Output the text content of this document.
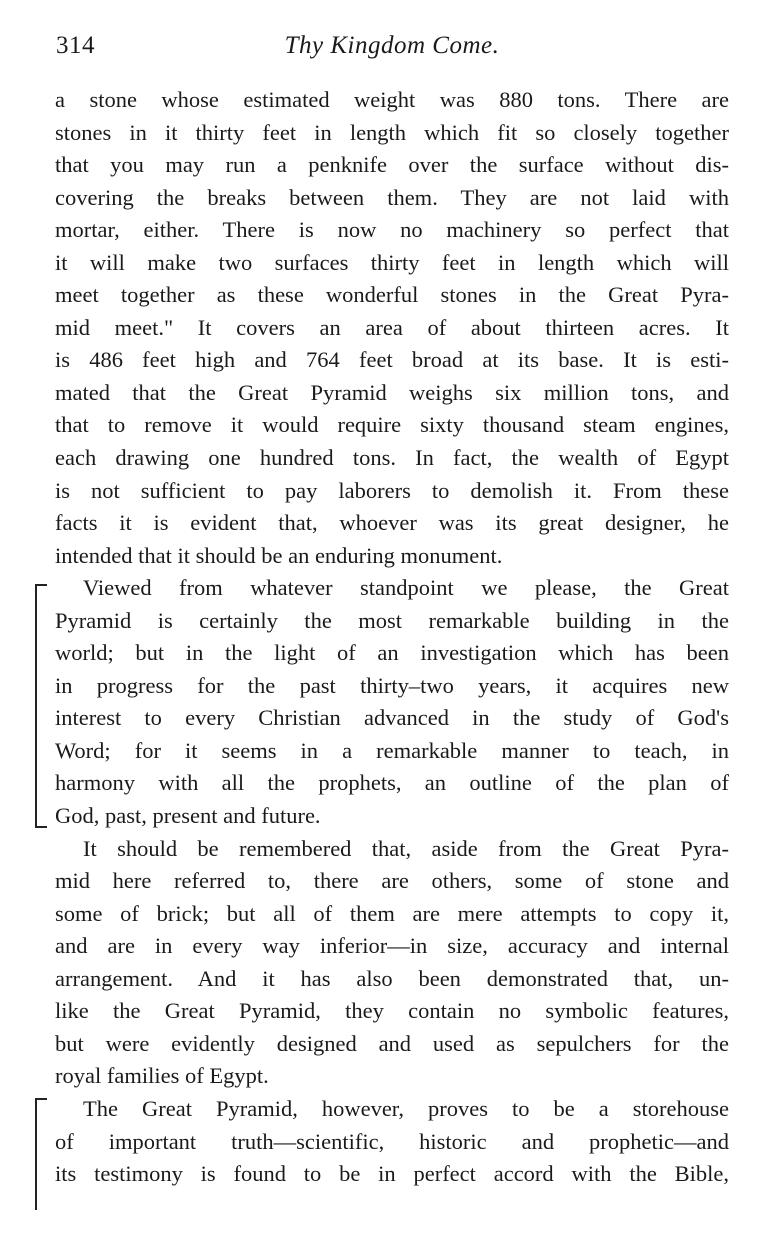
314	Thy Kingdom Come.
a stone whose estimated weight was 880 tons. There are
stones in it thirty feet in length which fit so closely together
that you may run a penknife over the surface without dis-
covering the breaks between them. They are not laid with
mortar, either. There is now no machinery so perfect that
it will make two surfaces thirty feet in length which will
meet together as these wonderful stones in the Great Pyra-
mid meet." It covers an area of about thirteen acres. It
is 486 feet high and 764 feet broad at its base. It is esti-
mated that the Great Pyramid weighs six million tons, and
that to remove it would require sixty thousand steam engines,
each drawing one hundred tons. In fact, the wealth of Egypt
is not sufficient to pay laborers to demolish it. From these
facts it is evident that, whoever was its great designer, he
intended that it should be an enduring monument.
Viewed from whatever standpoint we please, the Great
Pyramid is certainly the most remarkable building in the
world; but in the light of an investigation which has been
in progress for the past thirty–two years, it acquires new
interest to every Christian advanced in the study of God's
Word; for it seems in a remarkable manner to teach, in
harmony with all the prophets, an outline of the plan of
God, past, present and future.
It should be remembered that, aside from the Great Pyra-
mid here referred to, there are others, some of stone and
some of brick; but all of them are mere attempts to copy it,
and are in every way inferior—in size, accuracy and internal
arrangement. And it has also been demonstrated that, un-
like the Great Pyramid, they contain no symbolic features,
but were evidently designed and used as sepulchers for the
royal families of Egypt.
The Great Pyramid, however, proves to be a storehouse
of important truth—scientific, historic and prophetic—and
its testimony is found to be in perfect accord with the Bible,
